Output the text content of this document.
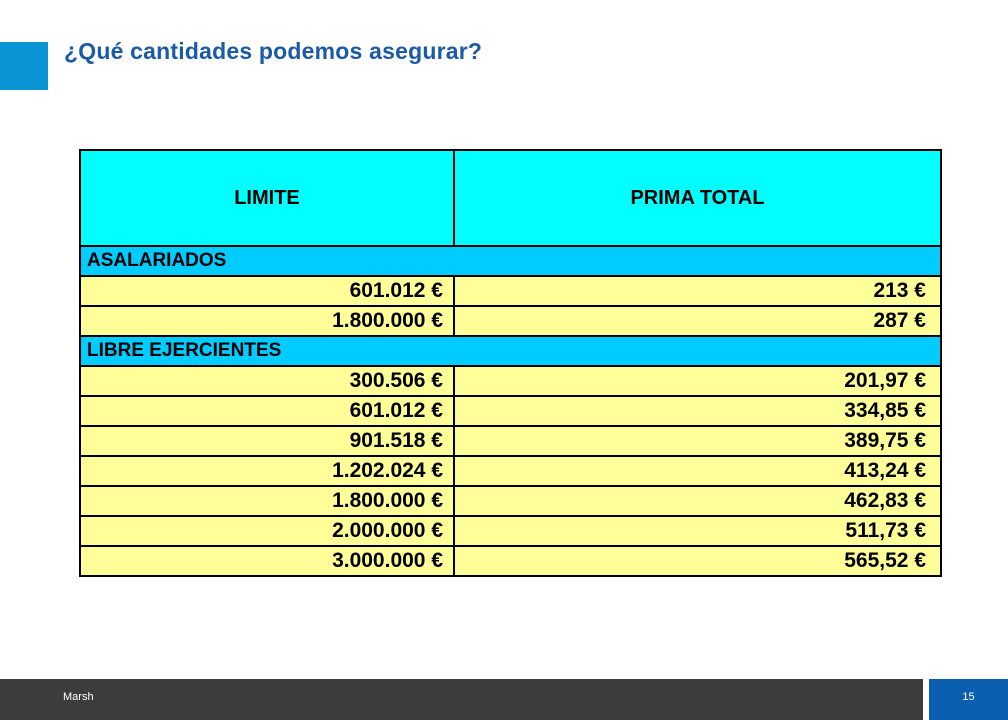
¿Qué cantidades podemos asegurar?
LIMITE	PRIMA TOTAL
ASALARIADOS	
601.012 €	213 €
1.800.000 €	287 €
LIBRE EJERCIENTES	
300.506 €	201,97 €
601.012 €	334,85 €
901.518 €	389,75 €
1.202.024 €	413,24 €
1.800.000 €	462,83 €
2.000.000 €	511,73 €
3.000.000 €	565,52 €
Marsh	15
